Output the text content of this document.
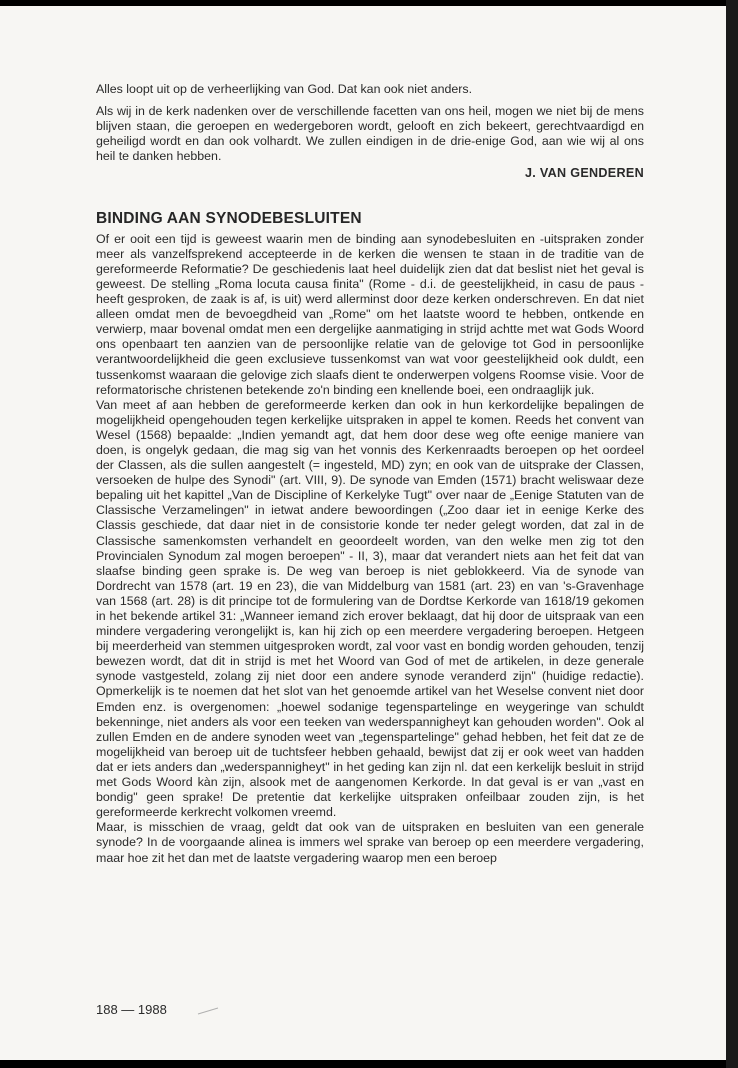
Alles loopt uit op de verheerlijking van God. Dat kan ook niet anders.

Als wij in de kerk nadenken over de verschillende facetten van ons heil, mogen we niet bij de mens blijven staan, die geroepen en wedergeboren wordt, gelooft en zich bekeert, gerechtvaardigd en geheiligd wordt en dan ook volhardt. We zullen eindigen in de drie-enige God, aan wie wij al ons heil te danken hebben.

J. VAN GENDEREN
BINDING AAN SYNODEBESLUITEN

Of er ooit een tijd is geweest waarin men de binding aan synodebesluiten en -uitspraken zonder meer als vanzelfsprekend accepteerde in de kerken die wensen te staan in de traditie van de gereformeerde Reformatie? De geschiedenis laat heel duidelijk zien dat dat beslist niet het geval is geweest. De stelling „Roma locuta causa finita" (Rome - d.i. de geestelijkheid, in casu de paus - heeft gesproken, de zaak is af, is uit) werd allerminst door deze kerken onderschreven. En dat niet alleen omdat men de bevoegdheid van „Rome" om het laatste woord te hebben, ontkende en verwierp, maar bovenal omdat men een dergelijke aanmatiging in strijd achtte met wat Gods Woord ons openbaart ten aanzien van de persoonlijke relatie van de gelovige tot God in persoonlijke verantwoordelijkheid die geen exclusieve tussenkomst van wat voor geestelijkheid ook duldt, een tussenkomst waaraan die gelovige zich slaafs dient te onderwerpen volgens Roomse visie. Voor de reformatorische christenen betekende zo'n binding een knellende boei, een ondraaglijk juk.

Van meet af aan hebben de gereformeerde kerken dan ook in hun kerkordelijke bepalingen de mogelijkheid opengehouden tegen kerkelijke uitspraken in appel te komen. Reeds het convent van Wesel (1568) bepaalde: „Indien yemandt agt, dat hem door dese weg ofte eenige maniere van doen, is ongelyk gedaan, die mag sig van het vonnis des Kerkenraadts beroepen op het oordeel der Classen, als die sullen aangestelt (= ingesteld, MD) zyn; en ook van de uitsprake der Classen, versoeken de hulpe des Synodi" (art. VIII, 9). De synode van Emden (1571) bracht weliswaar deze bepaling uit het kapittel „Van de Discipline of Kerkelyke Tugt" over naar de „Eenige Statuten van de Classische Verzamelingen" in ietwat andere bewoordingen („Zoo daar iet in eenige Kerke des Classis geschiede, dat daar niet in de consistorie konde ter neder gelegt worden, dat zal in de Classische samenkomsten verhandelt en geoordeelt worden, van den welke men zig tot den Provincialen Synodum zal mogen beroepen" - II, 3), maar dat verandert niets aan het feit dat van slaafse binding geen sprake is. De weg van beroep is niet geblokkeerd. Via de synode van Dordrecht van 1578 (art. 19 en 23), die van Middelburg van 1581 (art. 23) en van 's-Gravenhage van 1568 (art. 28) is dit principe tot de formulering van de Dordtse Kerkorde van 1618/19 gekomen in het bekende artikel 31: „Wanneer iemand zich erover beklaagt, dat hij door de uitspraak van een mindere vergadering verongelijkt is, kan hij zich op een meerdere vergadering beroepen. Hetgeen bij meerderheid van stemmen uitgesproken wordt, zal voor vast en bondig worden gehouden, tenzij bewezen wordt, dat dit in strijd is met het Woord van God of met de artikelen, in deze generale synode vastgesteld, zolang zij niet door een andere synode veranderd zijn" (huidige redactie). Opmerkelijk is te noemen dat het slot van het genoemde artikel van het Weselse convent niet door Emden enz. is overgenomen: „hoewel sodanige tegenspartelinge en weygeringe van schuldt bekenninge, niet anders als voor een teeken van wederspannigheyt kan gehouden worden". Ook al zullen Emden en de andere synoden weet van „tegenspartelinge" gehad hebben, het feit dat ze de mogelijkheid van beroep uit de tuchtsfeer hebben gehaald, bewijst dat zij er ook weet van hadden dat er iets anders dan „wederspannigheyt" in het geding kan zijn nl. dat een kerkelijk besluit in strijd met Gods Woord kàn zijn, alsook met de aangenomen Kerkorde. In dat geval is er van „vast en bondig" geen sprake! De pretentie dat kerkelijke uitspraken onfeilbaar zouden zijn, is het gereformeerde kerkrecht volkomen vreemd.

Maar, is misschien de vraag, geldt dat ook van de uitspraken en besluiten van een generale synode? In de voorgaande alinea is immers wel sprake van beroep op een meerdere vergadering, maar hoe zit het dan met de laatste vergadering waarop men een beroep

188 — 1988
